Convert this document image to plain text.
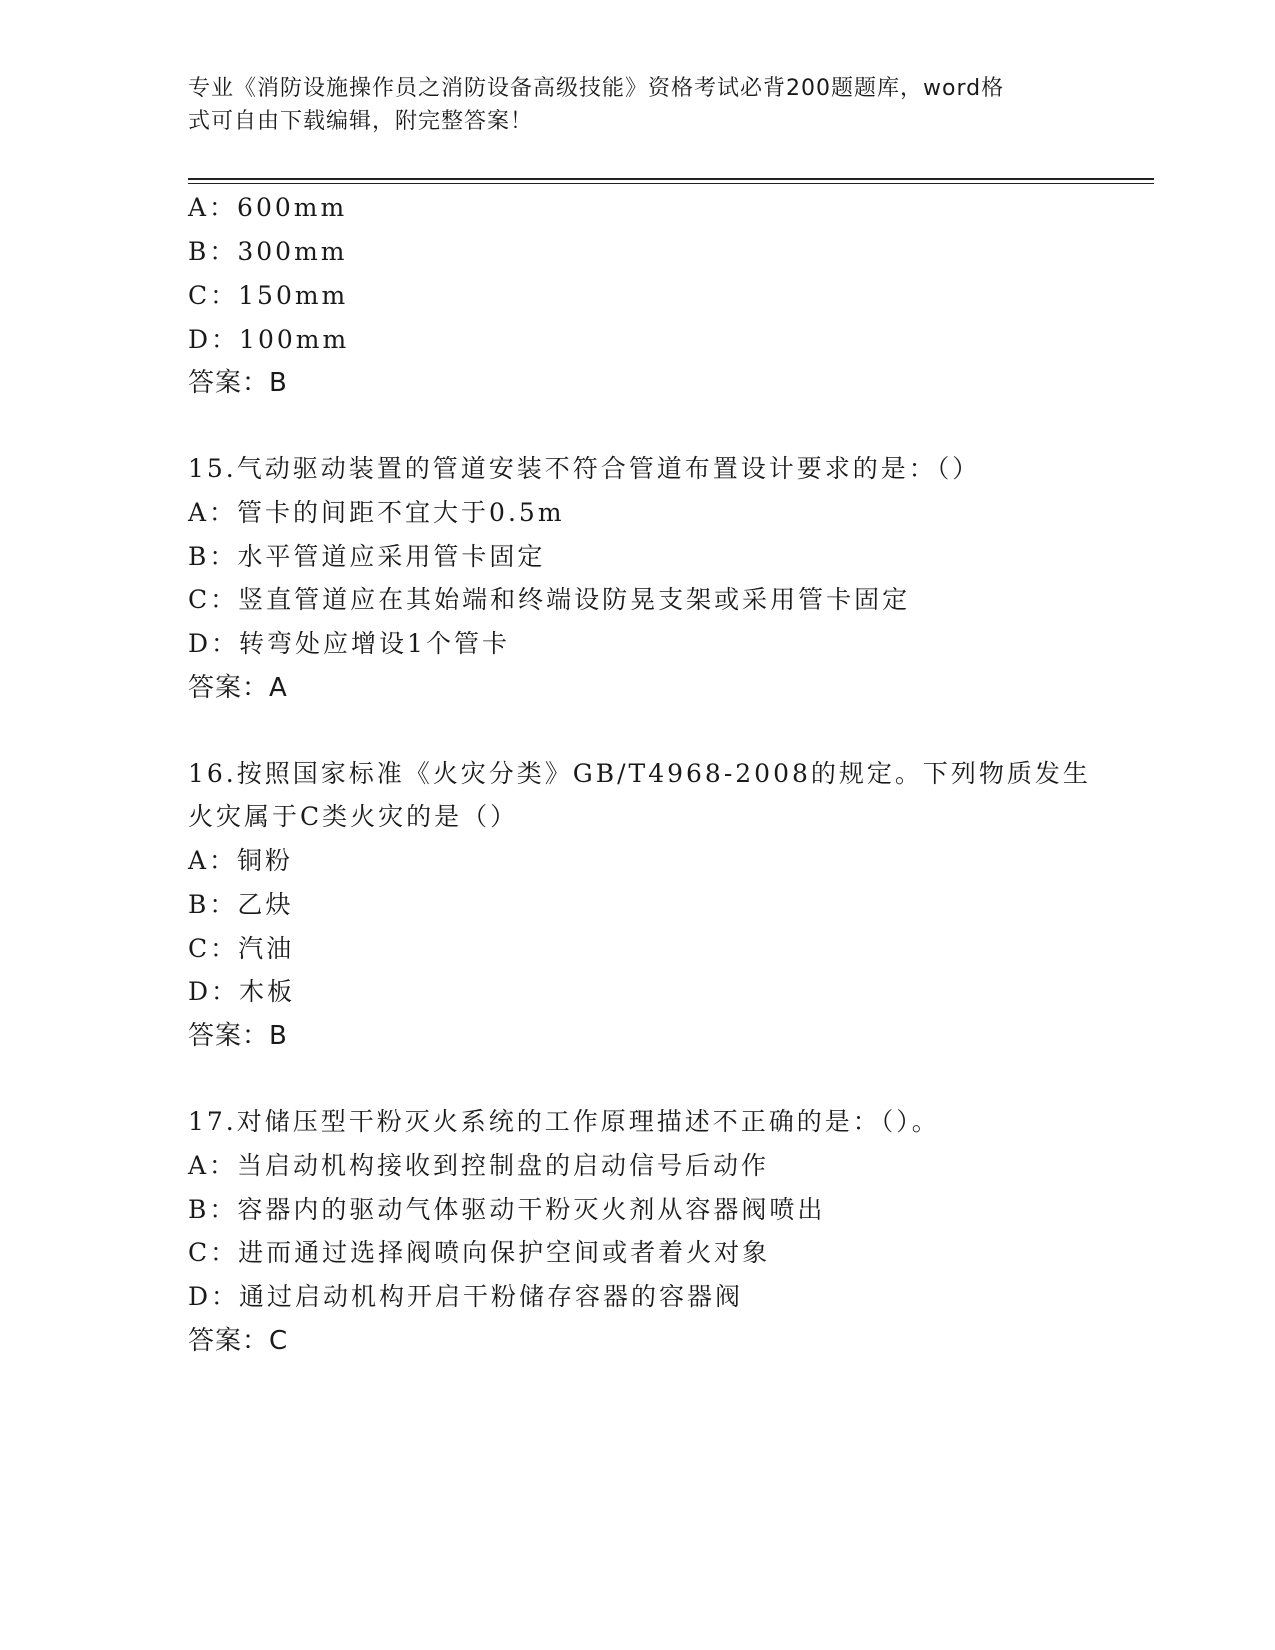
专业《消防设施操作员之消防设备高级技能》资格考试必背200题题库，word格
式可自由下载编辑，附完整答案！
A：600mm
B：300mm
C：150mm
D：100mm
答案：B
15.气动驱动装置的管道安装不符合管道布置设计要求的是：（）
A：管卡的间距不宜大于0.5m
B：水平管道应采用管卡固定
C：竖直管道应在其始端和终端设防晃支架或采用管卡固定
D：转弯处应增设1个管卡
答案：A
16.按照国家标准《火灾分类》GB/T4968-2008的规定。下列物质发生
火灾属于C类火灾的是（）
A：铜粉
B：乙炔
C：汽油
D：木板
答案：B
17.对储压型干粉灭火系统的工作原理描述不正确的是：（）。
A：当启动机构接收到控制盘的启动信号后动作
B：容器内的驱动气体驱动干粉灭火剂从容器阀喷出
C：进而通过选择阀喷向保护空间或者着火对象
D：通过启动机构开启干粉储存容器的容器阀
答案：C
